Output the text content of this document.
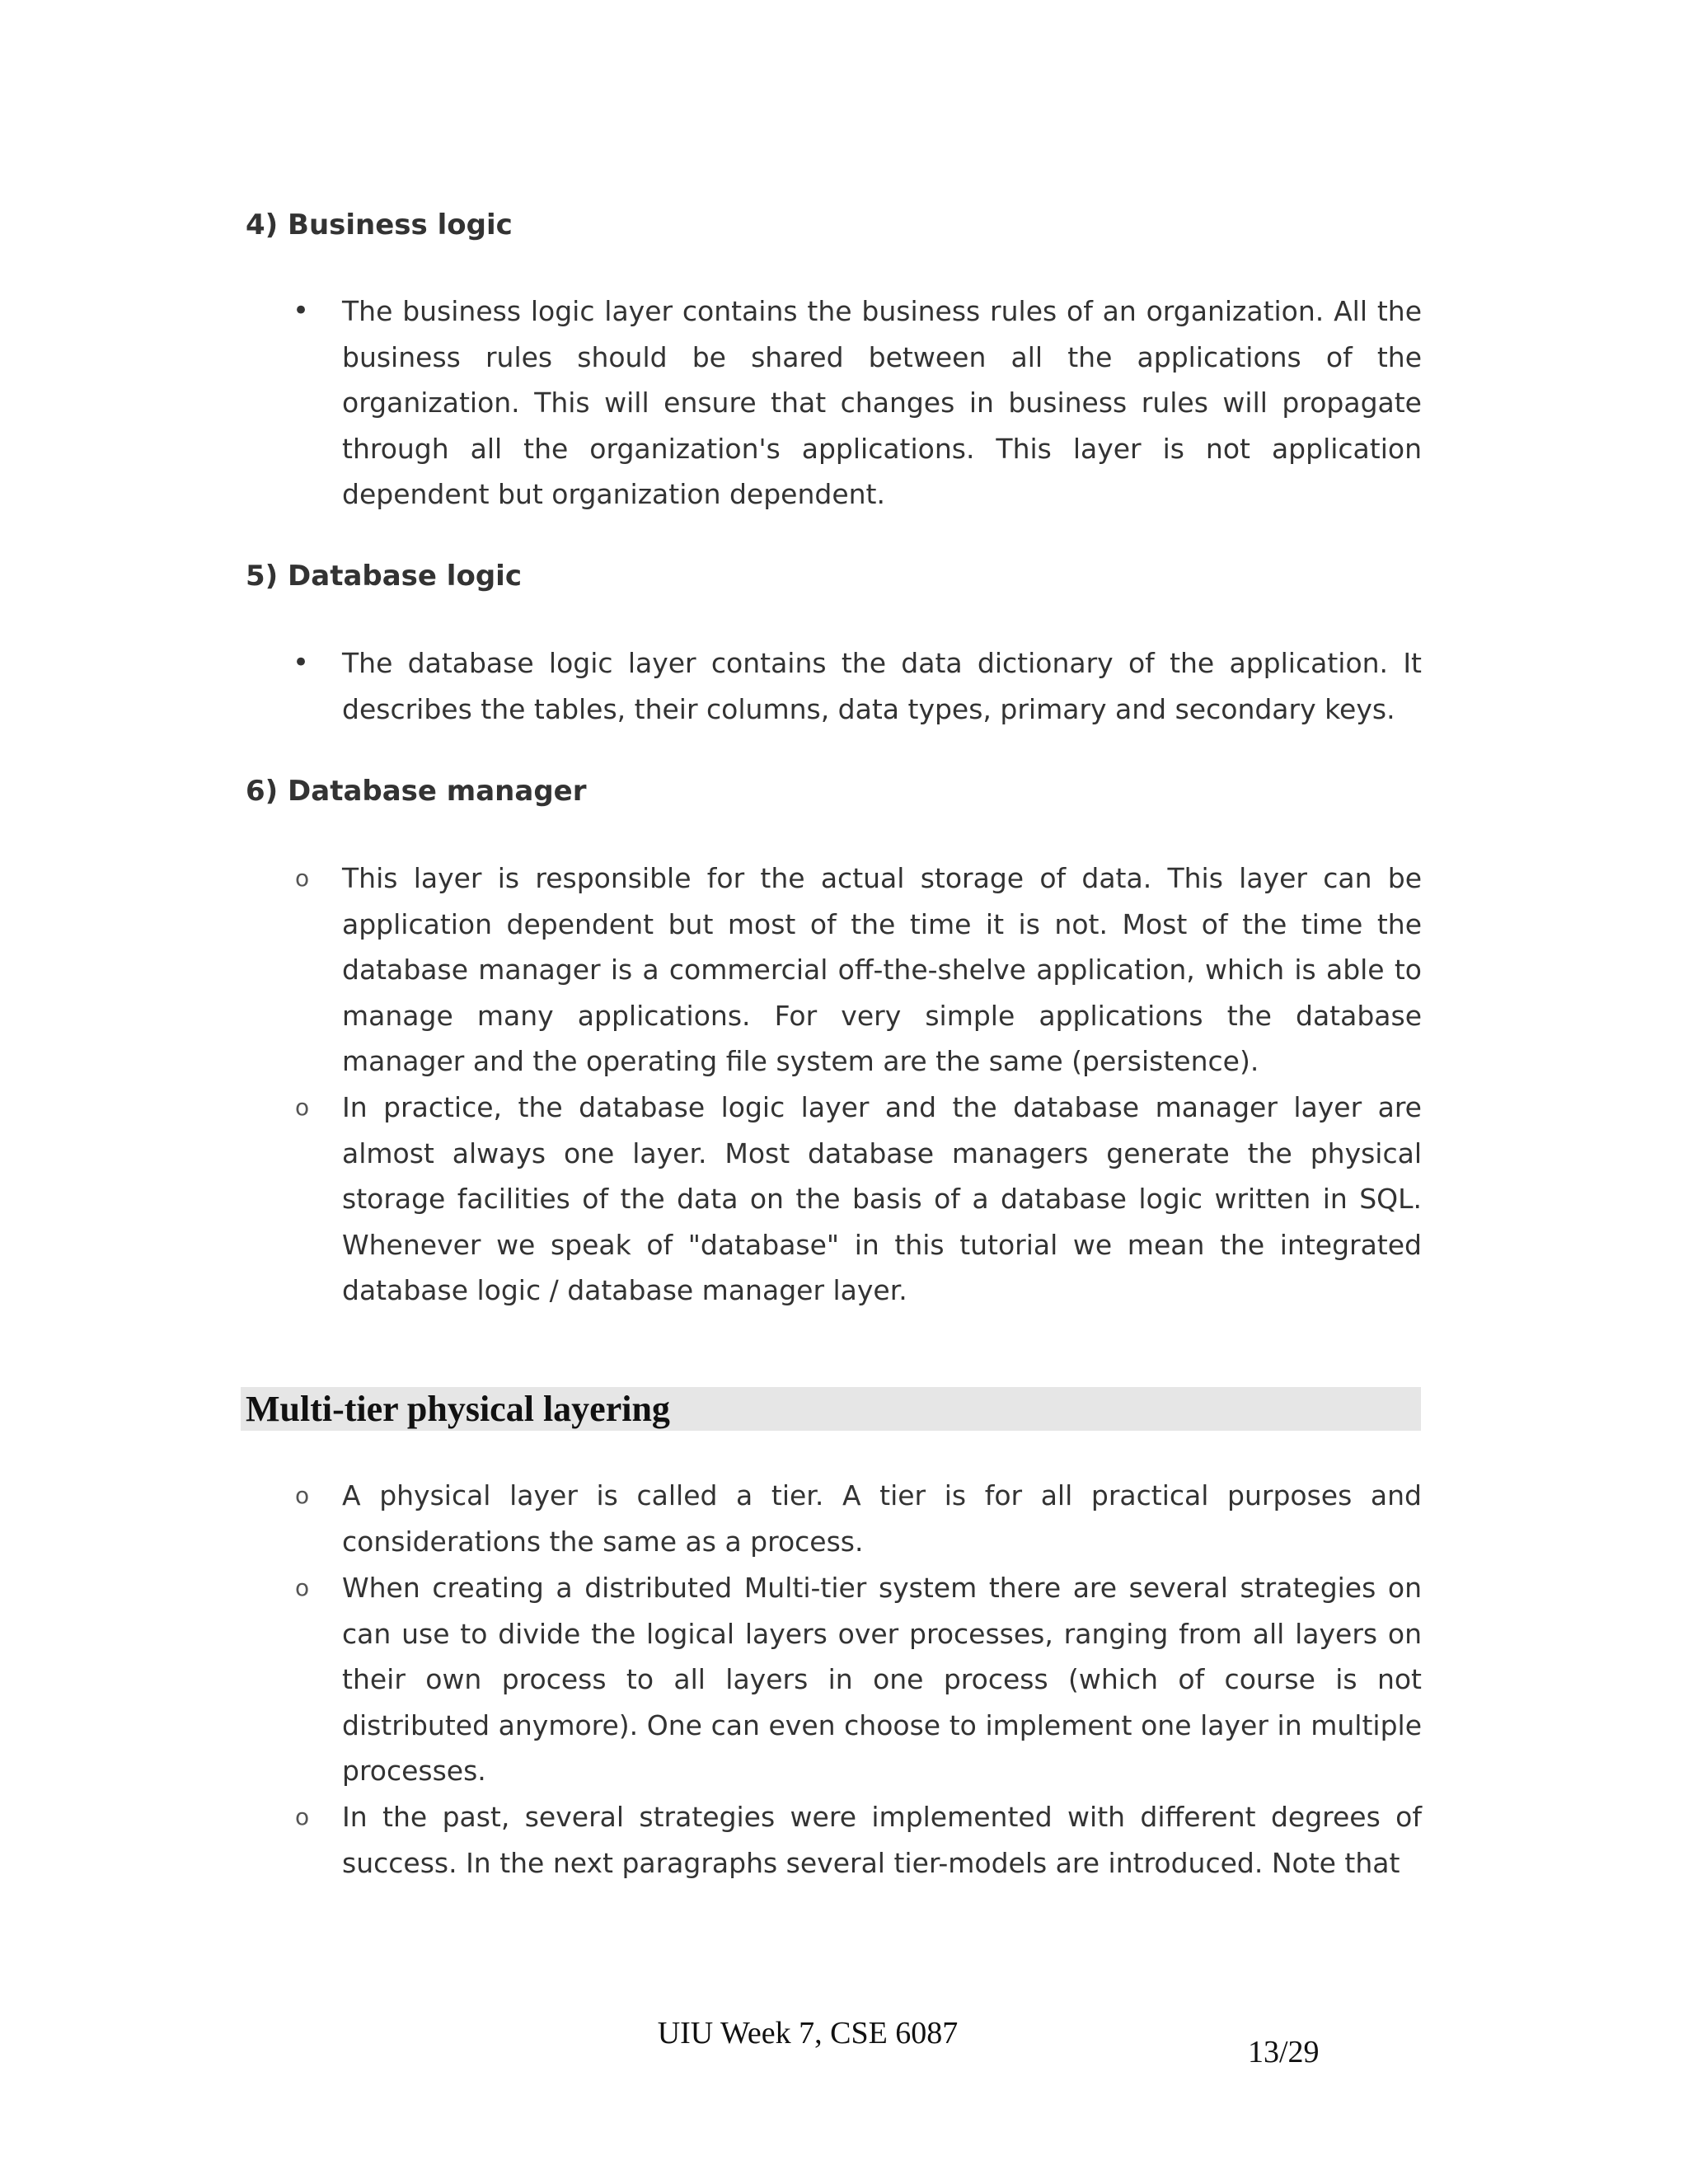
4) Business logic
• The business logic layer contains the business rules of an organization. All the business rules should be shared between all the applications of the organization. This will ensure that changes in business rules will propagate through all the organization's applications. This layer is not application dependent but organization dependent.

5) Database logic
• The database logic layer contains the data dictionary of the application. It describes the tables, their columns, data types, primary and secondary keys.

6) Database manager
o This layer is responsible for the actual storage of data. This layer can be application dependent but most of the time it is not. Most of the time the database manager is a commercial off-the-shelve application, which is able to manage many applications. For very simple applications the database manager and the operating file system are the same (persistence).

o In practice, the database logic layer and the database manager layer are almost always one layer. Most database managers generate the physical storage facilities of the data on the basis of a database logic written in SQL. Whenever we speak of "database" in this tutorial we mean the integrated database logic / database manager layer.

Multi-tier physical layering
o A physical layer is called a tier. A tier is for all practical purposes and considerations the same as a process.

o When creating a distributed Multi-tier system there are several strategies on can use to divide the logical layers over processes, ranging from all layers on their own process to all layers in one process (which of course is not distributed anymore). One can even choose to implement one layer in multiple processes.

o In the past, several strategies were implemented with different degrees of success. In the next paragraphs several tier-models are introduced. Note that

UIU Week 7, CSE 6087
13/29
